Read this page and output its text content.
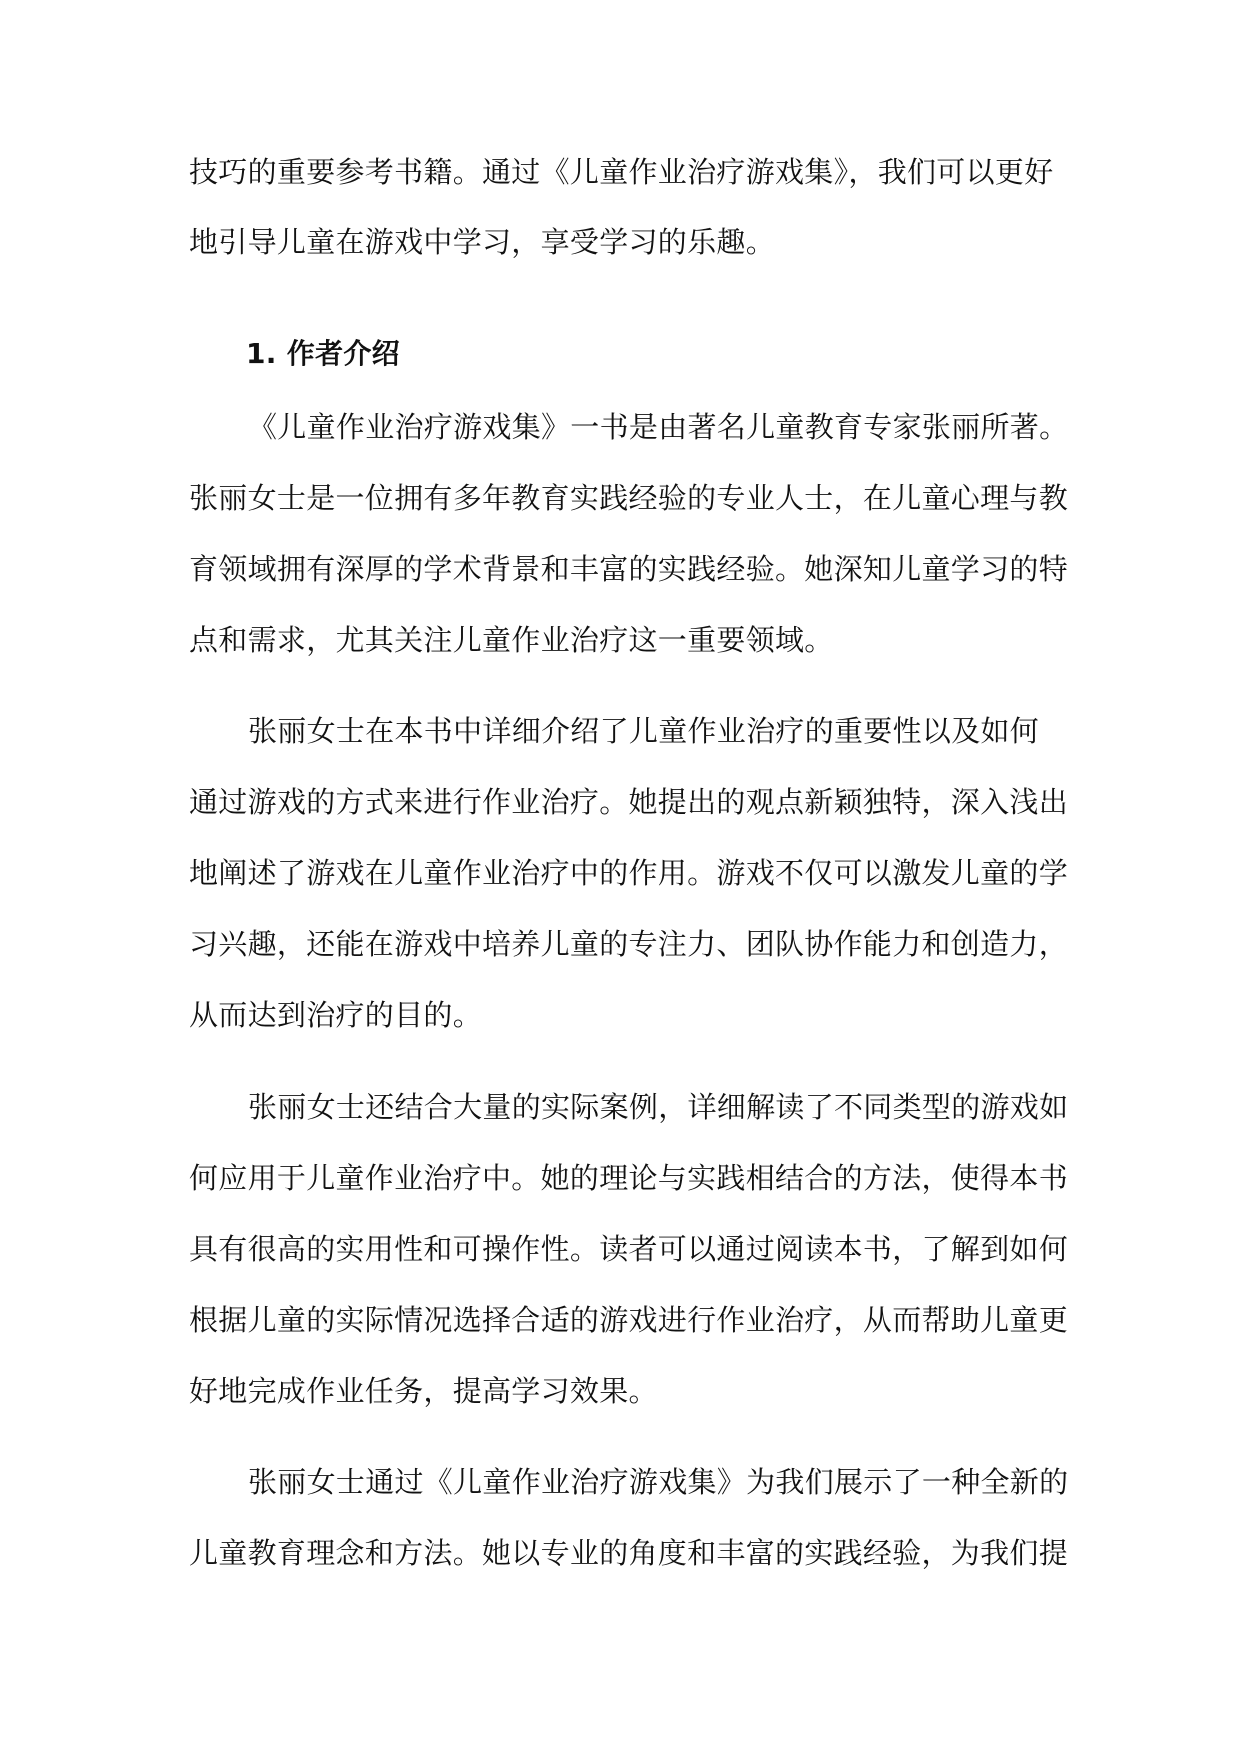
技巧的重要参考书籍。通过《儿童作业治疗游戏集》，我们可以更好
地引导儿童在游戏中学习，享受学习的乐趣。
1. 作者介绍
《儿童作业治疗游戏集》一书是由著名儿童教育专家张丽所著。
张丽女士是一位拥有多年教育实践经验的专业人士，在儿童心理与教
育领域拥有深厚的学术背景和丰富的实践经验。她深知儿童学习的特
点和需求，尤其关注儿童作业治疗这一重要领域。
张丽女士在本书中详细介绍了儿童作业治疗的重要性以及如何
通过游戏的方式来进行作业治疗。她提出的观点新颖独特，深入浅出
地阐述了游戏在儿童作业治疗中的作用。游戏不仅可以激发儿童的学
习兴趣，还能在游戏中培养儿童的专注力、团队协作能力和创造力，
从而达到治疗的目的。
张丽女士还结合大量的实际案例，详细解读了不同类型的游戏如
何应用于儿童作业治疗中。她的理论与实践相结合的方法，使得本书
具有很高的实用性和可操作性。读者可以通过阅读本书，了解到如何
根据儿童的实际情况选择合适的游戏进行作业治疗，从而帮助儿童更
好地完成作业任务，提高学习效果。
张丽女士通过《儿童作业治疗游戏集》为我们展示了一种全新的
儿童教育理念和方法。她以专业的角度和丰富的实践经验，为我们提
